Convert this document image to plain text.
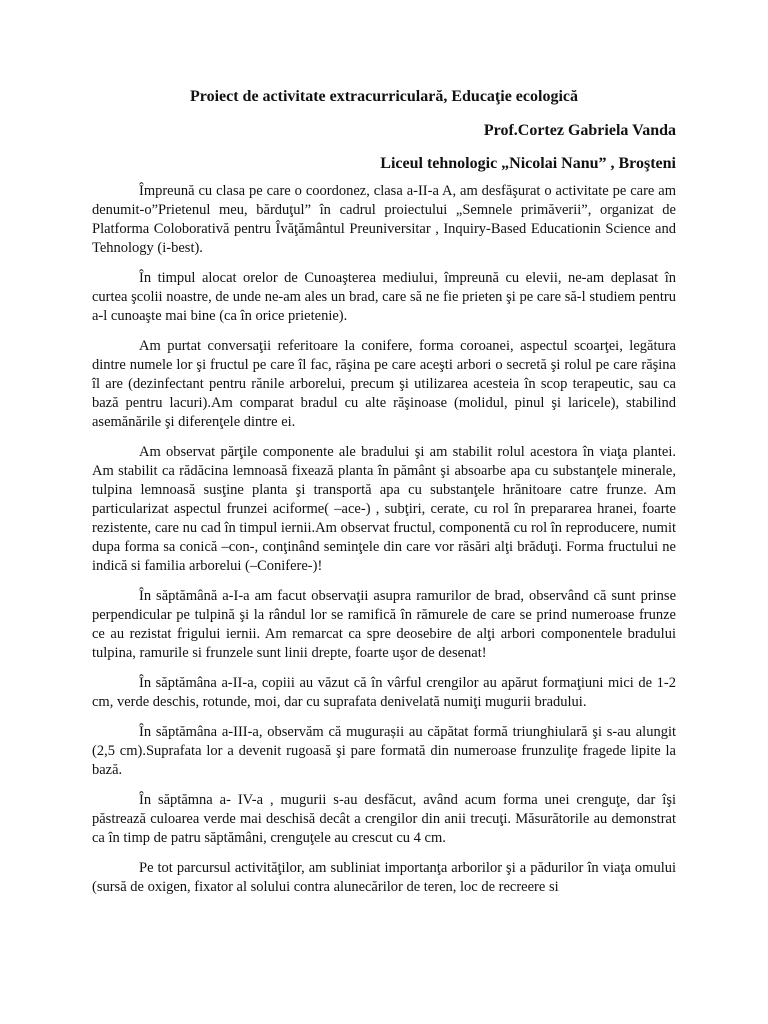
Proiect de activitate extracurriculară, Educaţie ecologică
Prof.Cortez Gabriela Vanda
Liceul tehnologic „Nicolai Nanu” , Broşteni

Împreună cu clasa pe care o coordonez, clasa a-II-a A, am desfăşurat o activitate pe care am denumit-o”Prietenul meu, bărduţul” în cadrul proiectului „Semnele primăverii”, organizat de Platforma Coloborativă pentru Îvăţământul Preuniversitar , Inquiry-Based Educationin Science and Tehnology (i-best).

În timpul alocat orelor de Cunoaşterea mediului, împreună cu elevii, ne-am deplasat în curtea şcolii noastre, de unde ne-am ales un brad, care să ne fie prieten şi pe care să-l studiem pentru a-l cunoaşte mai bine (ca în orice prietenie).

Am purtat conversaţii referitoare la conifere, forma coroanei, aspectul scoarţei, legătura dintre numele lor şi fructul pe care îl fac, răşina pe care aceşti arbori o secretă şi rolul pe care răşina îl are (dezinfectant pentru rănile arborelui, precum şi utilizarea acesteia în scop terapeutic, sau ca bază pentru lacuri).Am comparat bradul cu alte răşinoase (molidul, pinul şi laricele), stabilind asemănările şi diferenţele dintre ei.

Am observat părţile componente ale bradului şi am stabilit rolul acestora în viaţa plantei. Am stabilit ca rădăcina lemnoasă fixează planta în pământ şi absoarbe apa cu substanţele minerale, tulpina lemnoasă susţine planta şi transportă apa cu substanţele hrănitoare catre frunze. Am particularizat aspectul frunzei aciforme( –ace-) , subţiri, cerate, cu rol în prepararea hranei, foarte rezistente, care nu cad în timpul iernii.Am observat fructul, componentă cu rol în reproducere, numit dupa forma sa conică –con-, conţinând seminţele din care vor răsări alţi brăduţi. Forma fructului ne indică si familia arborelui (–Conifere-)!

În săptămână a-I-a am facut observaţii asupra ramurilor de brad, observând că sunt prinse perpendicular pe tulpină şi la rândul lor se ramifică în rămurele de care se prind numeroase frunze ce au rezistat frigului iernii. Am remarcat ca spre deosebire de alţi arbori componentele bradului tulpina, ramurile si frunzele sunt linii drepte, foarte uşor de desenat!

În săptămâna a-II-a, copiii au văzut că în vârful crengilor au apărut formaţiuni mici de 1-2 cm, verde deschis, rotunde, moi, dar cu suprafata denivelată numiţi mugurii bradului.

În săptămâna a-III-a, observăm că mugurașii au căpătat formă triunghiulară şi s-au alungit (2,5 cm).Suprafata lor a devenit rugoasă şi pare formată din numeroase frunzuliţe fragede lipite la bază.

În săptămna a- IV-a , mugurii s-au desfăcut, având acum forma unei crenguţe, dar îşi păstrează culoarea verde mai deschisă decât a crengilor din anii trecuţi. Măsurătorile au demonstrat ca în timp de patru săptămâni, crenguţele au crescut cu 4 cm.

Pe tot parcursul activităţilor, am subliniat importanţa arborilor şi a pădurilor în viaţa omului (sursă de oxigen, fixator al solului contra alunecărilor de teren, loc de recreere si
